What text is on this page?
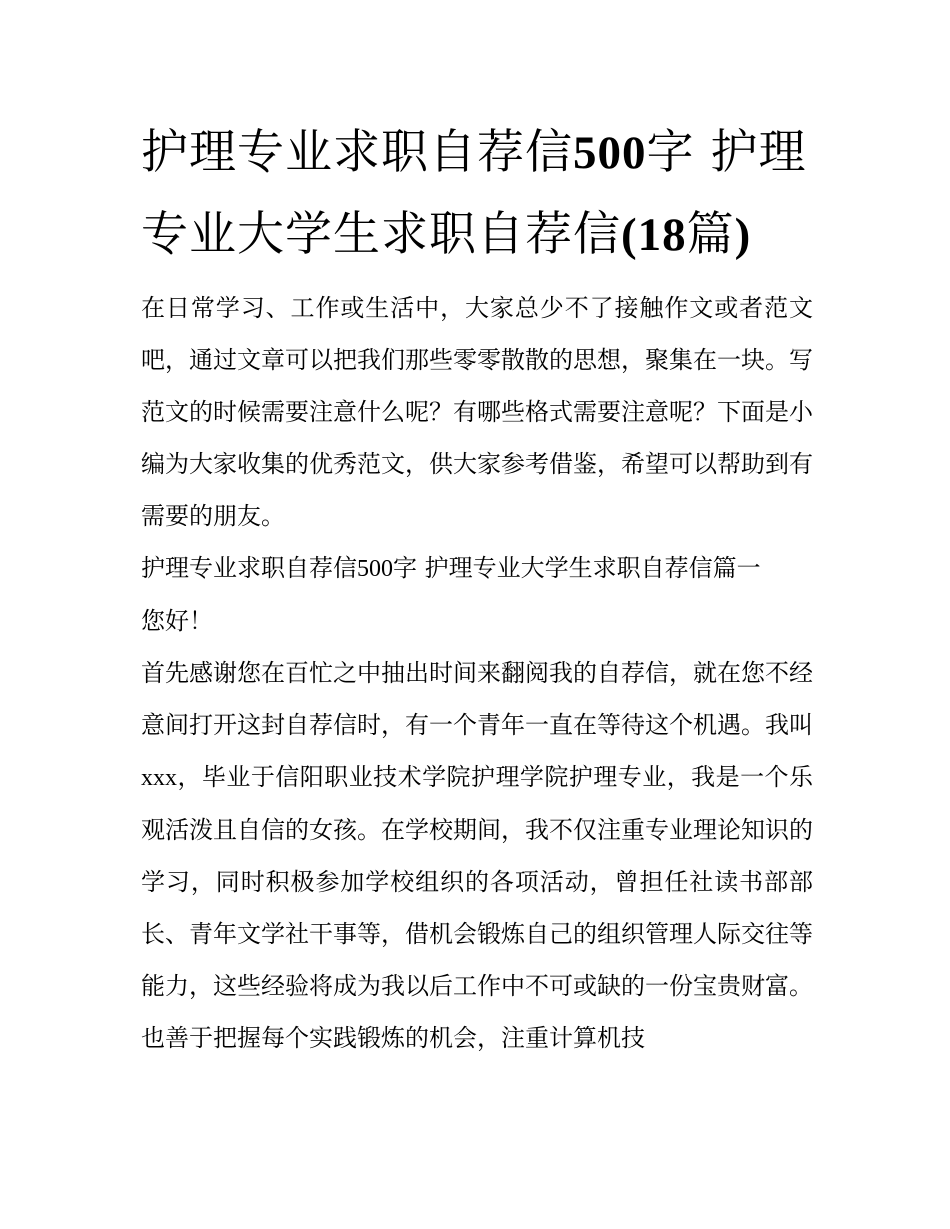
护理专业求职自荐信500字 护理专业大学生求职自荐信(18篇)

在日常学习、工作或生活中，大家总少不了接触作文或者范文吧，通过文章可以把我们那些零零散散的思想，聚集在一块。写范文的时候需要注意什么呢？有哪些格式需要注意呢？下面是小编为大家收集的优秀范文，供大家参考借鉴，希望可以帮助到有需要的朋友。

护理专业求职自荐信500字 护理专业大学生求职自荐信篇一

您好！

首先感谢您在百忙之中抽出时间来翻阅我的自荐信，就在您不经意间打开这封自荐信时，有一个青年一直在等待这个机遇。我叫xxx，毕业于信阳职业技术学院护理学院护理专业，我是一个乐观活泼且自信的女孩。在学校期间，我不仅注重专业理论知识的学习，同时积极参加学校组织的各项活动，曾担任社读书部部长、青年文学社干事等，借机会锻炼自己的组织管理人际交往等能力，这些经验将成为我以后工作中不可或缺的一份宝贵财富。也善于把握每个实践锻炼的机会，注重计算机技
